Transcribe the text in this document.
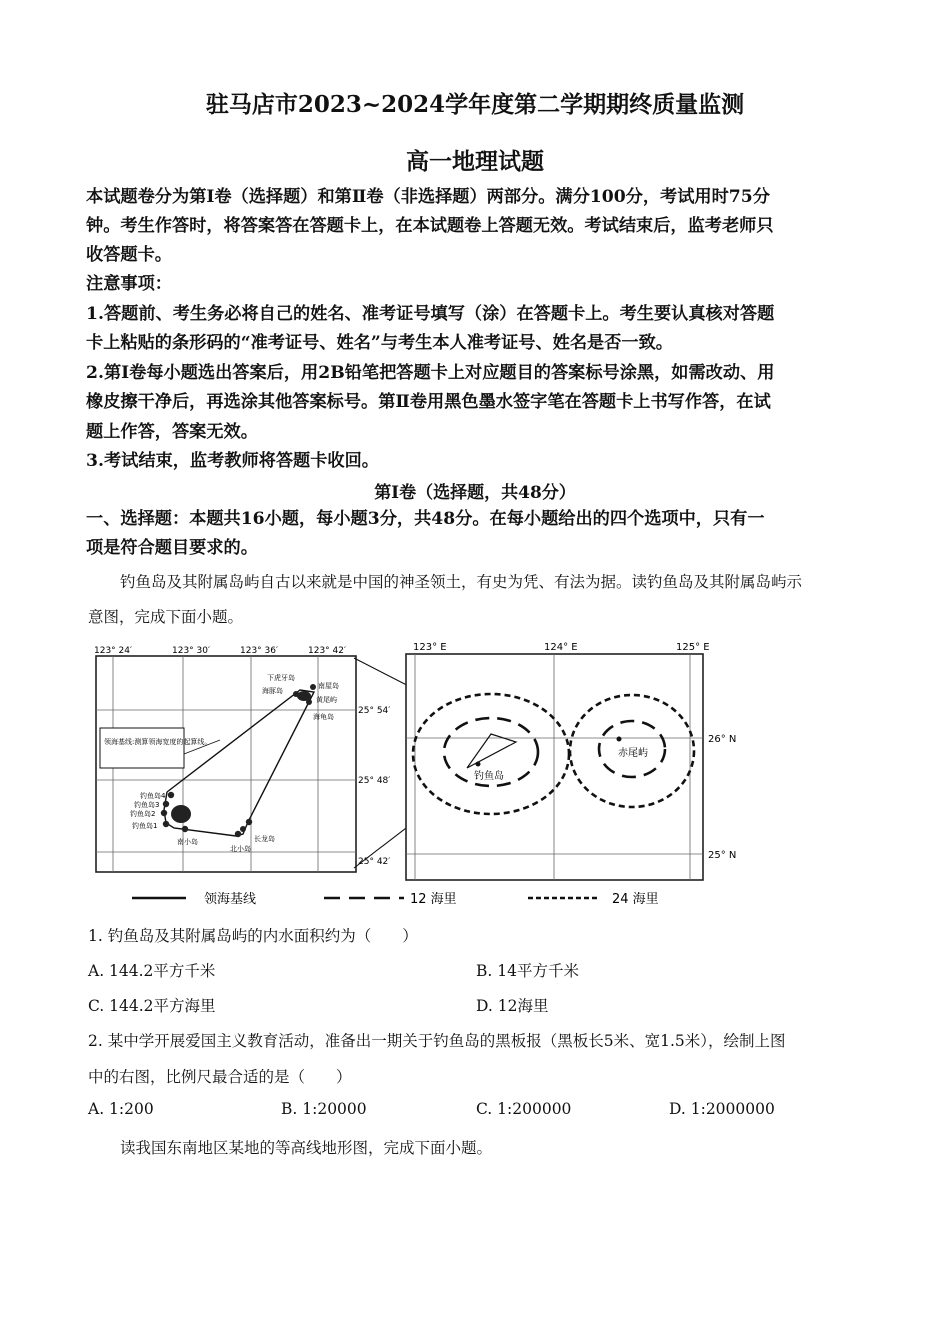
驻马店市2023~2024学年度第二学期期终质量监测
高一地理试题
本试题卷分为第Ⅰ卷（选择题）和第Ⅱ卷（非选择题）两部分。满分100分，考试用时75分
钟。考生作答时，将答案答在答题卡上，在本试题卷上答题无效。考试结束后，监考老师只
收答题卡。
注意事项：
1.答题前、考生务必将自己的姓名、准考证号填写（涂）在答题卡上。考生要认真核对答题
卡上粘贴的条形码的“准考证号、姓名”与考生本人准考证号、姓名是否一致。
2.第Ⅰ卷每小题选出答案后，用2B铅笔把答题卡上对应题目的答案标号涂黑，如需改动、用
橡皮擦干净后，再选涂其他答案标号。第Ⅱ卷用黑色墨水签字笔在答题卡上书写作答，在试
题上作答，答案无效。
3.考试结束，监考教师将答题卡收回。
第Ⅰ卷（选择题，共48分）
一、选择题：本题共16小题，每小题3分，共48分。在每小题给出的四个选项中，只有一
项是符合题目要求的。
钓鱼岛及其附属岛屿自古以来就是中国的神圣领土，有史为凭、有法为据。读钓鱼岛及其附属岛屿示
意图，完成下面小题。
123° 24′	123° 30′	123° 36′	123° 42′
25° 54′
25° 48′
25° 42′
领海基线:测算领海宽度的起算线。
下虎牙岛
海豚岛
南屋岛
黄尾屿
海龟岛
钓鱼岛4
钓鱼岛3
钓鱼岛2
钓鱼岛1
南小岛	长龙岛
北小岛
123° E	124° E	125° E
26° N
25° N
钓鱼岛
赤尾屿
领海基线	12 海里	24 海里
1. 钓鱼岛及其附属岛屿的内水面积约为（　　）
A. 144.2平方千米	B. 14平方千米
C. 144.2平方海里	D. 12海里
2. 某中学开展爱国主义教育活动，准备出一期关于钓鱼岛的黑板报（黑板长5米、宽1.5米），绘制上图
中的右图，比例尺最合适的是（　　）
A. 1:200	B. 1:20000	C. 1:200000	D. 1:2000000
读我国东南地区某地的等高线地形图，完成下面小题。
